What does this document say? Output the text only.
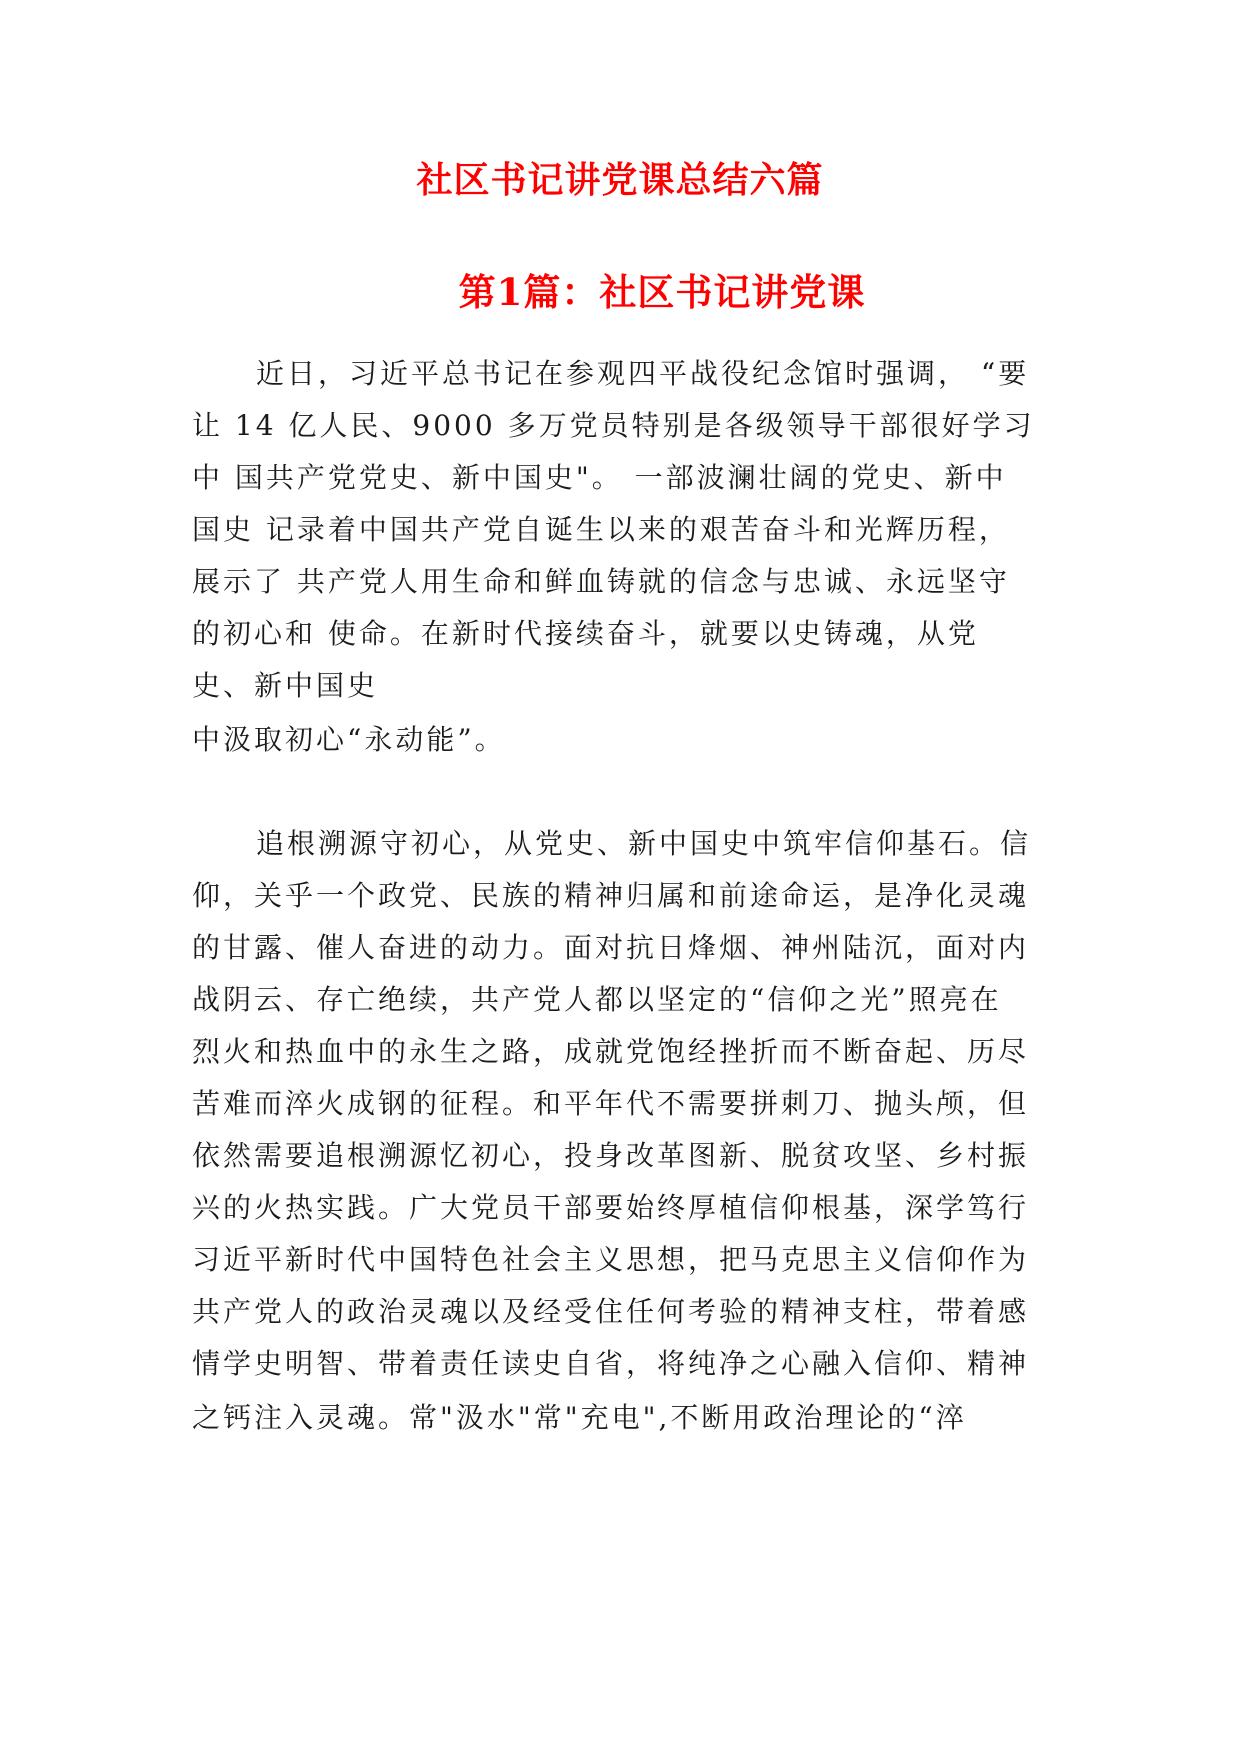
社区书记讲党课总结六篇
第1篇：社区书记讲党课
近日，习近平总书记在参观四平战役纪念馆时强调， “要
让 14 亿人民、9000 多万党员特别是各级领导干部很好学习
中 国共产党党史、新中国史"。 一部波澜壮阔的党史、新中
国史 记录着中国共产党自诞生以来的艰苦奋斗和光辉历程，
展示了 共产党人用生命和鲜血铸就的信念与忠诚、永远坚守
的初心和 使命。在新时代接续奋斗，就要以史铸魂，从党
史、新中国史
中汲取初心“永动能”。
追根溯源守初心，从党史、新中国史中筑牢信仰基石。信
仰，关乎一个政党、民族的精神归属和前途命运，是净化灵魂
的甘露、催人奋进的动力。面对抗日烽烟、神州陆沉，面对内
战阴云、存亡绝续，共产党人都以坚定的“信仰之光”照亮在
烈火和热血中的永生之路，成就党饱经挫折而不断奋起、历尽
苦难而淬火成钢的征程。和平年代不需要拼刺刀、抛头颅，但
依然需要追根溯源忆初心，投身改革图新、脱贫攻坚、乡村振
兴的火热实践。广大党员干部要始终厚植信仰根基，深学笃行
习近平新时代中国特色社会主义思想，把马克思主义信仰作为
共产党人的政治灵魂以及经受住任何考验的精神支柱，带着感
情学史明智、带着责任读史自省，将纯净之心融入信仰、精神
之钙注入灵魂。常"汲水"常"充电",不断用政治理论的“淬
